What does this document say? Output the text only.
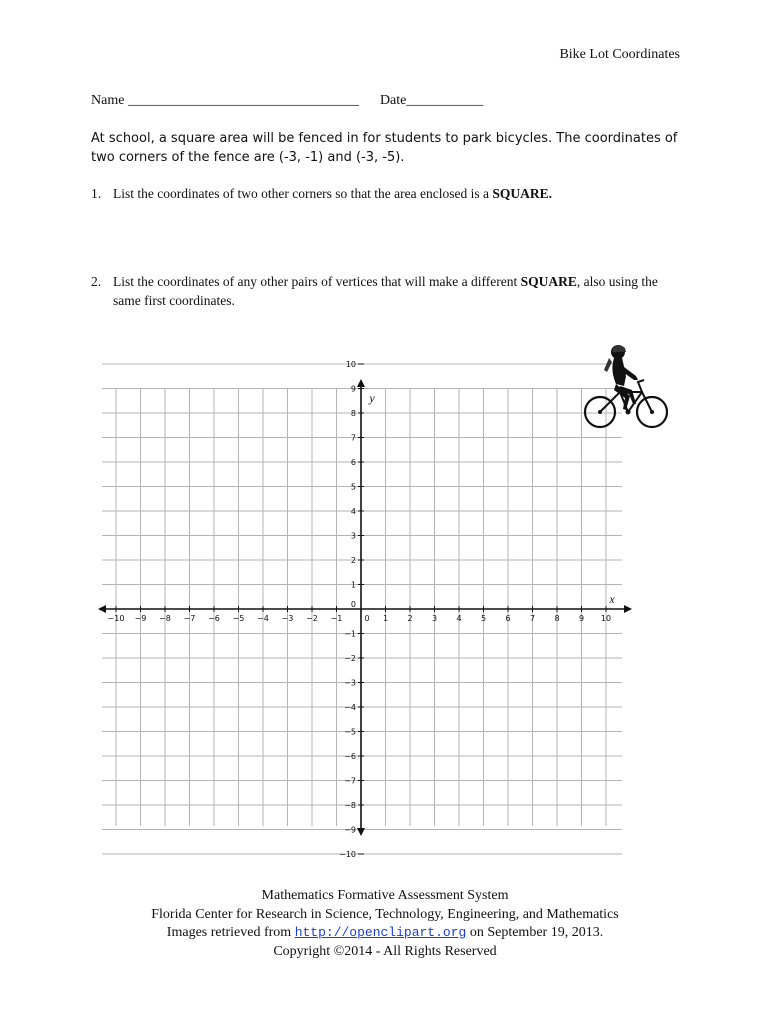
Bike Lot Coordinates
Name _________________________________ Date___________
At school, a square area will be fenced in for students to park bicycles. The coordinates of two corners of the fence are (-3, -1) and (-3, -5).
1. List the coordinates of two other corners so that the area enclosed is a SQUARE.
2. List the coordinates of any other pairs of vertices that will make a different SQUARE, also using the same first coordinates.
−10 −9 −8 −7 −6 −5 −4 −3 −2 −1	0 1 2 3 4 5 6 7 8 9 10
10
9
8
7
6
5
4
3
2
1
0
−1
−2
−3
−4
−5
−6
−7
−8
−9
−10
x
y
Mathematics Formative Assessment System
Florida Center for Research in Science, Technology, Engineering, and Mathematics
Images retrieved from http://openclipart.org on September 19, 2013.
Copyright ©2014 - All Rights Reserved
